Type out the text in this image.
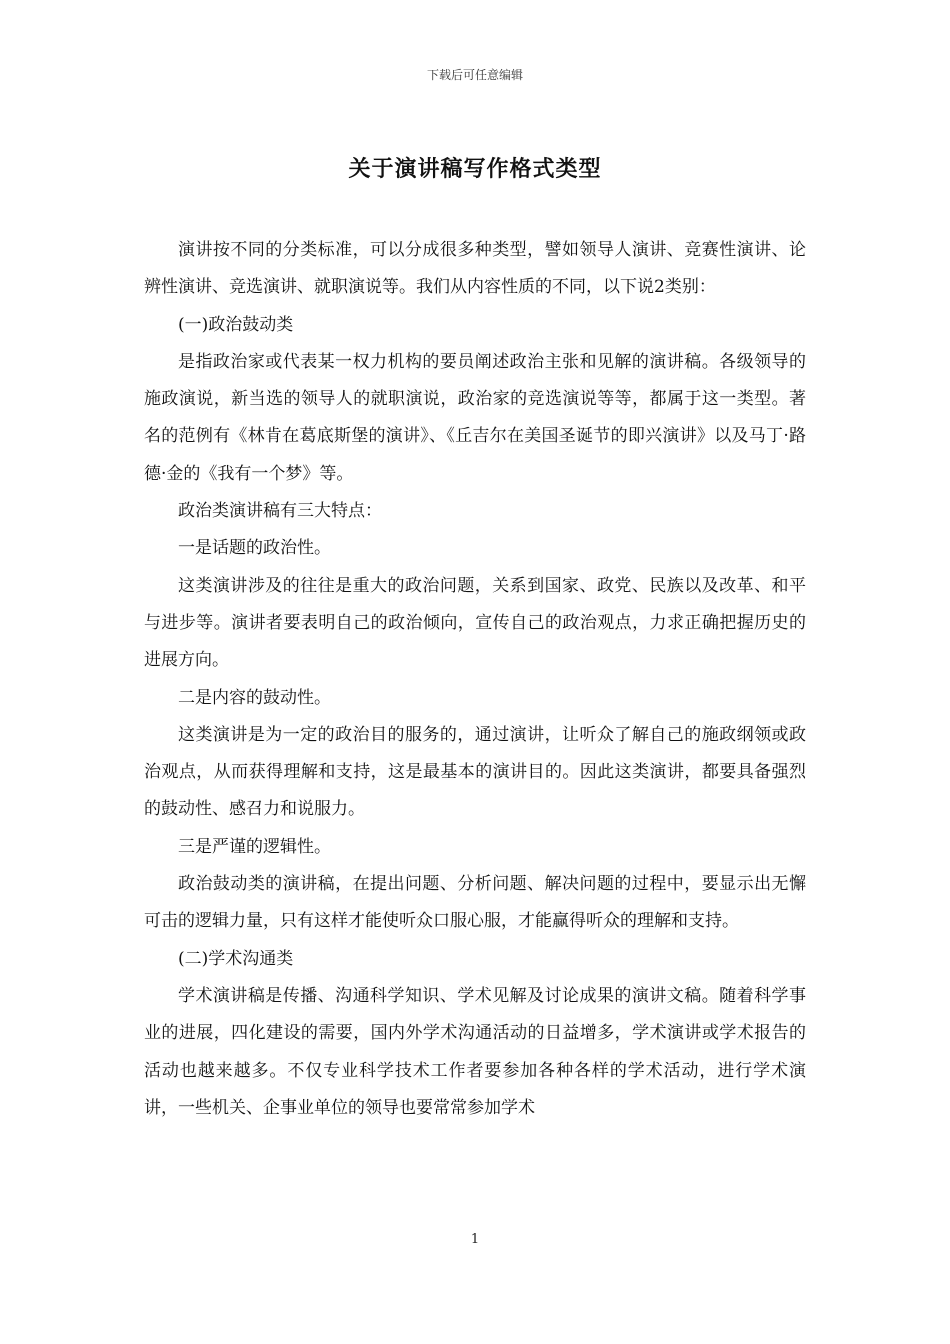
下载后可任意编辑
关于演讲稿写作格式类型

演讲按不同的分类标准，可以分成很多种类型，譬如领导人演讲、竞赛性演讲、论辨性演讲、竞选演讲、就职演说等。我们从内容性质的不同，以下说2类别：

(一)政治鼓动类

是指政治家或代表某一权力机构的要员阐述政治主张和见解的演讲稿。各级领导的施政演说，新当选的领导人的就职演说，政治家的竞选演说等等，都属于这一类型。著名的范例有《林肯在葛底斯堡的演讲》、《丘吉尔在美国圣诞节的即兴演讲》以及马丁·路德·金的《我有一个梦》等。

政治类演讲稿有三大特点：

一是话题的政治性。

这类演讲涉及的往往是重大的政治问题，关系到国家、政党、民族以及改革、和平与进步等。演讲者要表明自己的政治倾向，宣传自己的政治观点，力求正确把握历史的进展方向。

二是内容的鼓动性。

这类演讲是为一定的政治目的服务的，通过演讲，让听众了解自己的施政纲领或政治观点，从而获得理解和支持，这是最基本的演讲目的。因此这类演讲，都要具备强烈的鼓动性、感召力和说服力。

三是严谨的逻辑性。

政治鼓动类的演讲稿，在提出问题、分析问题、解决问题的过程中，要显示出无懈可击的逻辑力量，只有这样才能使听众口服心服，才能赢得听众的理解和支持。

(二)学术沟通类

学术演讲稿是传播、沟通科学知识、学术见解及讨论成果的演讲文稿。随着科学事业的进展，四化建设的需要，国内外学术沟通活动的日益增多，学术演讲或学术报告的活动也越来越多。不仅专业科学技术工作者要参加各种各样的学术活动，进行学术演讲，一些机关、企事业单位的领导也要常常参加学术

1
